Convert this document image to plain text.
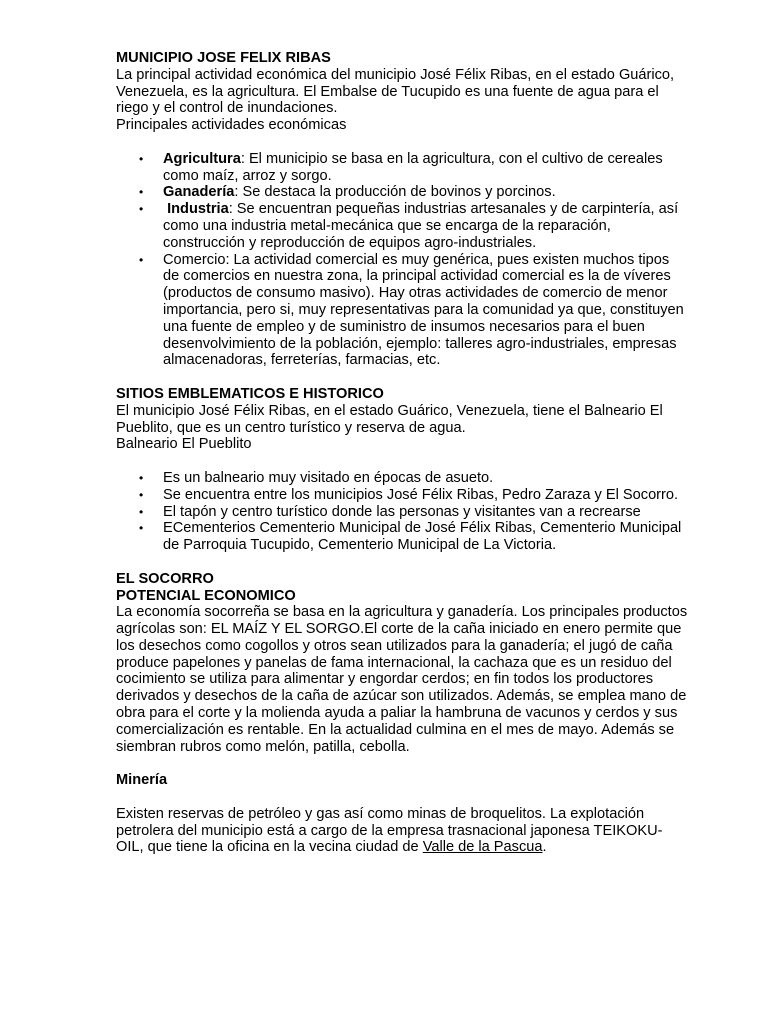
MUNICIPIO JOSE FELIX RIBAS

La principal actividad económica del municipio José Félix Ribas, en el estado Guárico, Venezuela, es la agricultura. El Embalse de Tucupido es una fuente de agua para el riego y el control de inundaciones.

Principales actividades económicas

• Agricultura: El municipio se basa en la agricultura, con el cultivo de cereales como maíz, arroz y sorgo.
• Ganadería: Se destaca la producción de bovinos y porcinos.
• Industria: Se encuentran pequeñas industrias artesanales y de carpintería, así como una industria metal-mecánica que se encarga de la reparación, construcción y reproducción de equipos agro-industriales.
• Comercio: La actividad comercial es muy genérica, pues existen muchos tipos de comercios en nuestra zona, la principal actividad comercial es la de víveres (productos de consumo masivo). Hay otras actividades de comercio de menor importancia, pero si, muy representativas para la comunidad ya que, constituyen una fuente de empleo y de suministro de insumos necesarios para el buen desenvolvimiento de la población, ejemplo: talleres agro-industriales, empresas almacenadoras, ferreterías, farmacias, etc.

SITIOS EMBLEMATICOS E HISTORICO

El municipio José Félix Ribas, en el estado Guárico, Venezuela, tiene el Balneario El Pueblito, que es un centro turístico y reserva de agua.

Balneario El Pueblito

• Es un balneario muy visitado en épocas de asueto.
• Se encuentra entre los municipios José Félix Ribas, Pedro Zaraza y El Socorro.
• El tapón y centro turístico donde las personas y visitantes van a recrearse
• ECementerios Cementerio Municipal de José Félix Ribas, Cementerio Municipal de Parroquia Tucupido, Cementerio Municipal de La Victoria.

EL SOCORRO

POTENCIAL ECONOMICO

La economía socorreña se basa en la agricultura y ganadería. Los principales productos agrícolas son: EL MAÍZ Y EL SORGO.El corte de la caña iniciado en enero permite que los desechos como cogollos y otros sean utilizados para la ganadería; el jugó de caña produce papelones y panelas de fama internacional, la cachaza que es un residuo del cocimiento se utiliza para alimentar y engordar cerdos; en fin todos los productores derivados y desechos de la caña de azúcar son utilizados. Además, se emplea mano de obra para el corte y la molienda ayuda a paliar la hambruna de vacunos y cerdos y sus comercialización es rentable. En la actualidad culmina en el mes de mayo. Además se siembran rubros como melón, patilla, cebolla.

Minería

Existen reservas de petróleo y gas así como minas de broquelitos. La explotación petrolera del municipio está a cargo de la empresa trasnacional japonesa TEIKOKU-OIL, que tiene la oficina en la vecina ciudad de Valle de la Pascua.
